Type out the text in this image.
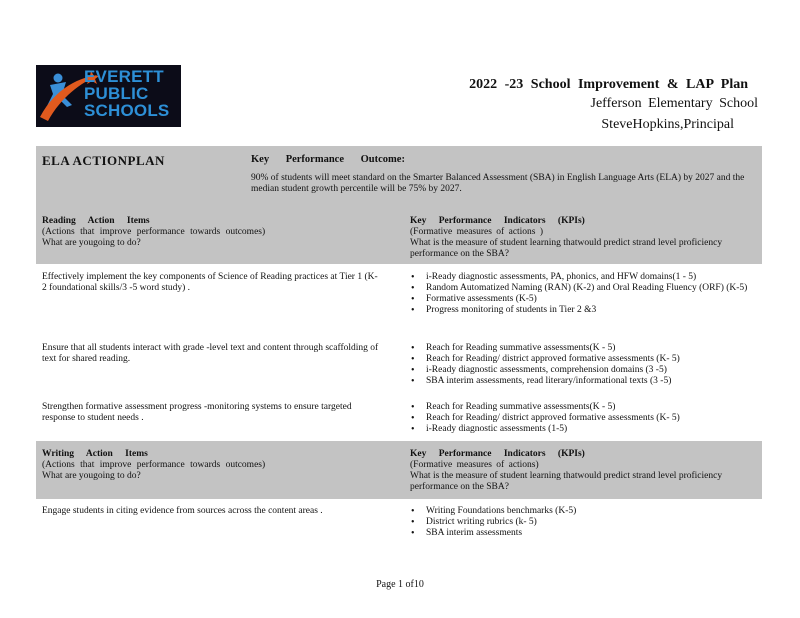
EVERETT
PUBLIC
SCHOOLS
2022 -23 School Improvement & LAP Plan
Jefferson Elementary School
SteveHopkins,Principal
ELA ACTIONPLAN	Key Performance Outcome:
90% of students will meet standard on the Smarter Balanced Assessment (SBA) in English Language Arts (ELA) by 2027 and the median student growth percentile will be 75% by 2027.
Reading Action Items
(Actions that improve performance towards outcomes)
What are yougoing to do?
Key Performance Indicators (KPIs)
(Formative measures of actions )
What is the measure of student learning thatwould predict strand level proficiency performance on the SBA?
Effectively implement the key components of Science of Reading practices at Tier 1 (K-2 foundational skills/3 -5 word study) .
• i-Ready diagnostic assessments, PA, phonics, and HFW domains(1 - 5)
• Random Automatized Naming (RAN) (K-2) and Oral Reading Fluency (ORF) (K-5)
• Formative assessments (K-5)
• Progress monitoring of students in Tier 2 &3
Ensure that all students interact with grade -level text and content through scaffolding of text for shared reading.
• Reach for Reading summative assessments(K - 5)
• Reach for Reading/ district approved formative assessments (K- 5)
• i-Ready diagnostic assessments, comprehension domains (3 -5)
• SBA interim assessments, read literary/informational texts (3 -5)
Strengthen formative assessment progress -monitoring systems to ensure targeted response to student needs .
• Reach for Reading summative assessments(K - 5)
• Reach for Reading/ district approved formative assessments (K- 5)
• i-Ready diagnostic assessments (1-5)
Writing Action Items
(Actions that improve performance towards outcomes)
What are yougoing to do?
Key Performance Indicators (KPIs)
(Formative measures of actions)
What is the measure of student learning thatwould predict strand level proficiency performance on the SBA?
Engage students in citing evidence from sources across the content areas .
•	Writing Foundations benchmarks (K-5)
• District writing rubrics (k- 5)
• SBA interim assessments
Page 1 of10
